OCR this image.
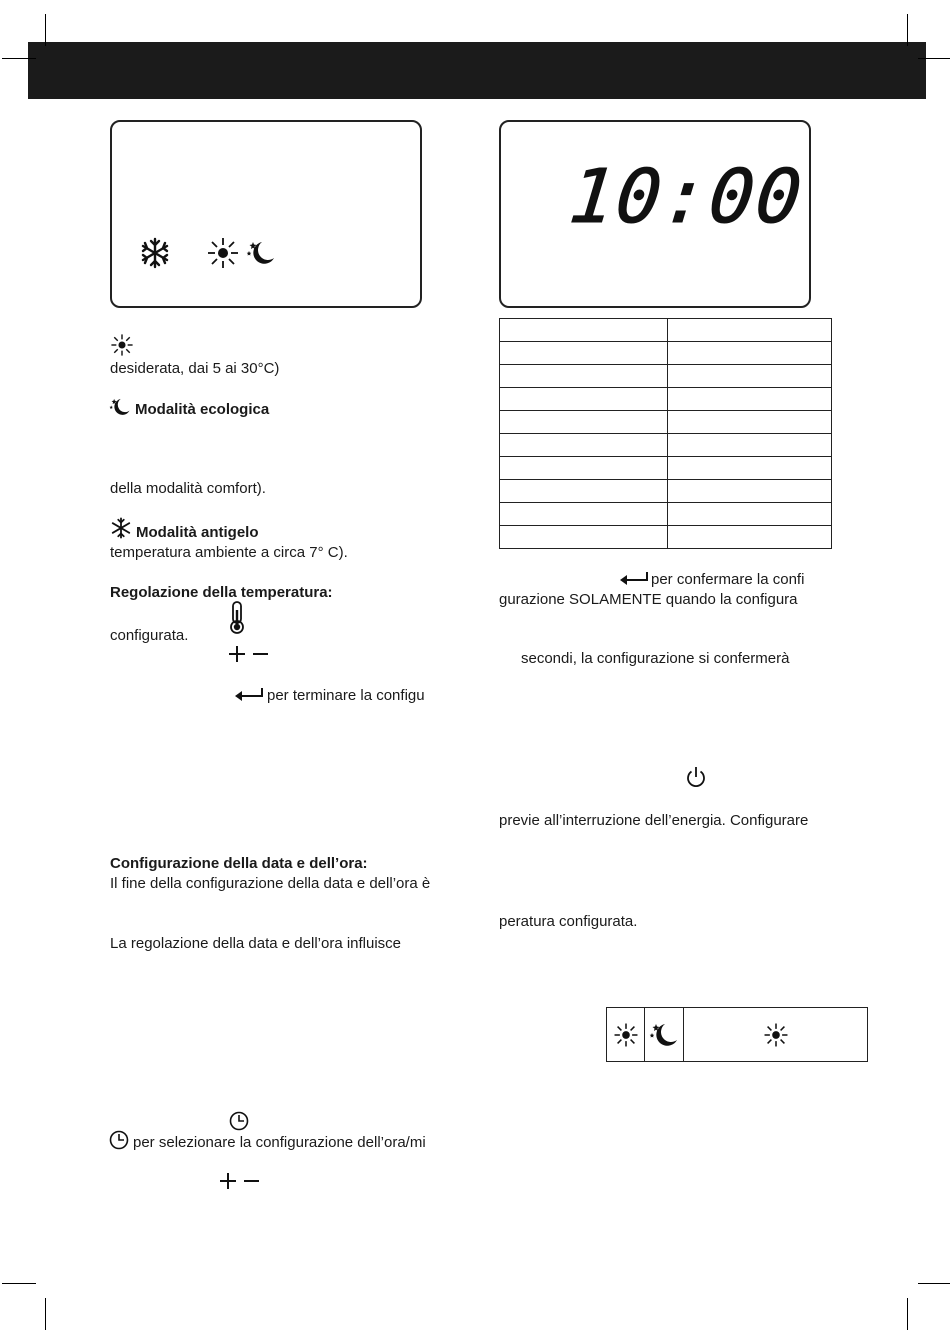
10:00

desiderata, dai 5 ai 30°C)
Modalità ecologica
della modalità comfort).
Modalità antigelo
temperatura ambiente a circa 7° C).
Regolazione della temperatura:
configurata.
per terminare la configu
Configurazione della data e dell’ora:
Il fine della configurazione della data e dell’ora è
La regolazione della data e dell’ora influisce
per selezionare la configurazione dell’ora/mi
per confermare la confi
gurazione SOLAMENTE quando la configura
secondi, la configurazione si confermerà
previe all’interruzione dell’energia. Configurare
peratura configurata.
